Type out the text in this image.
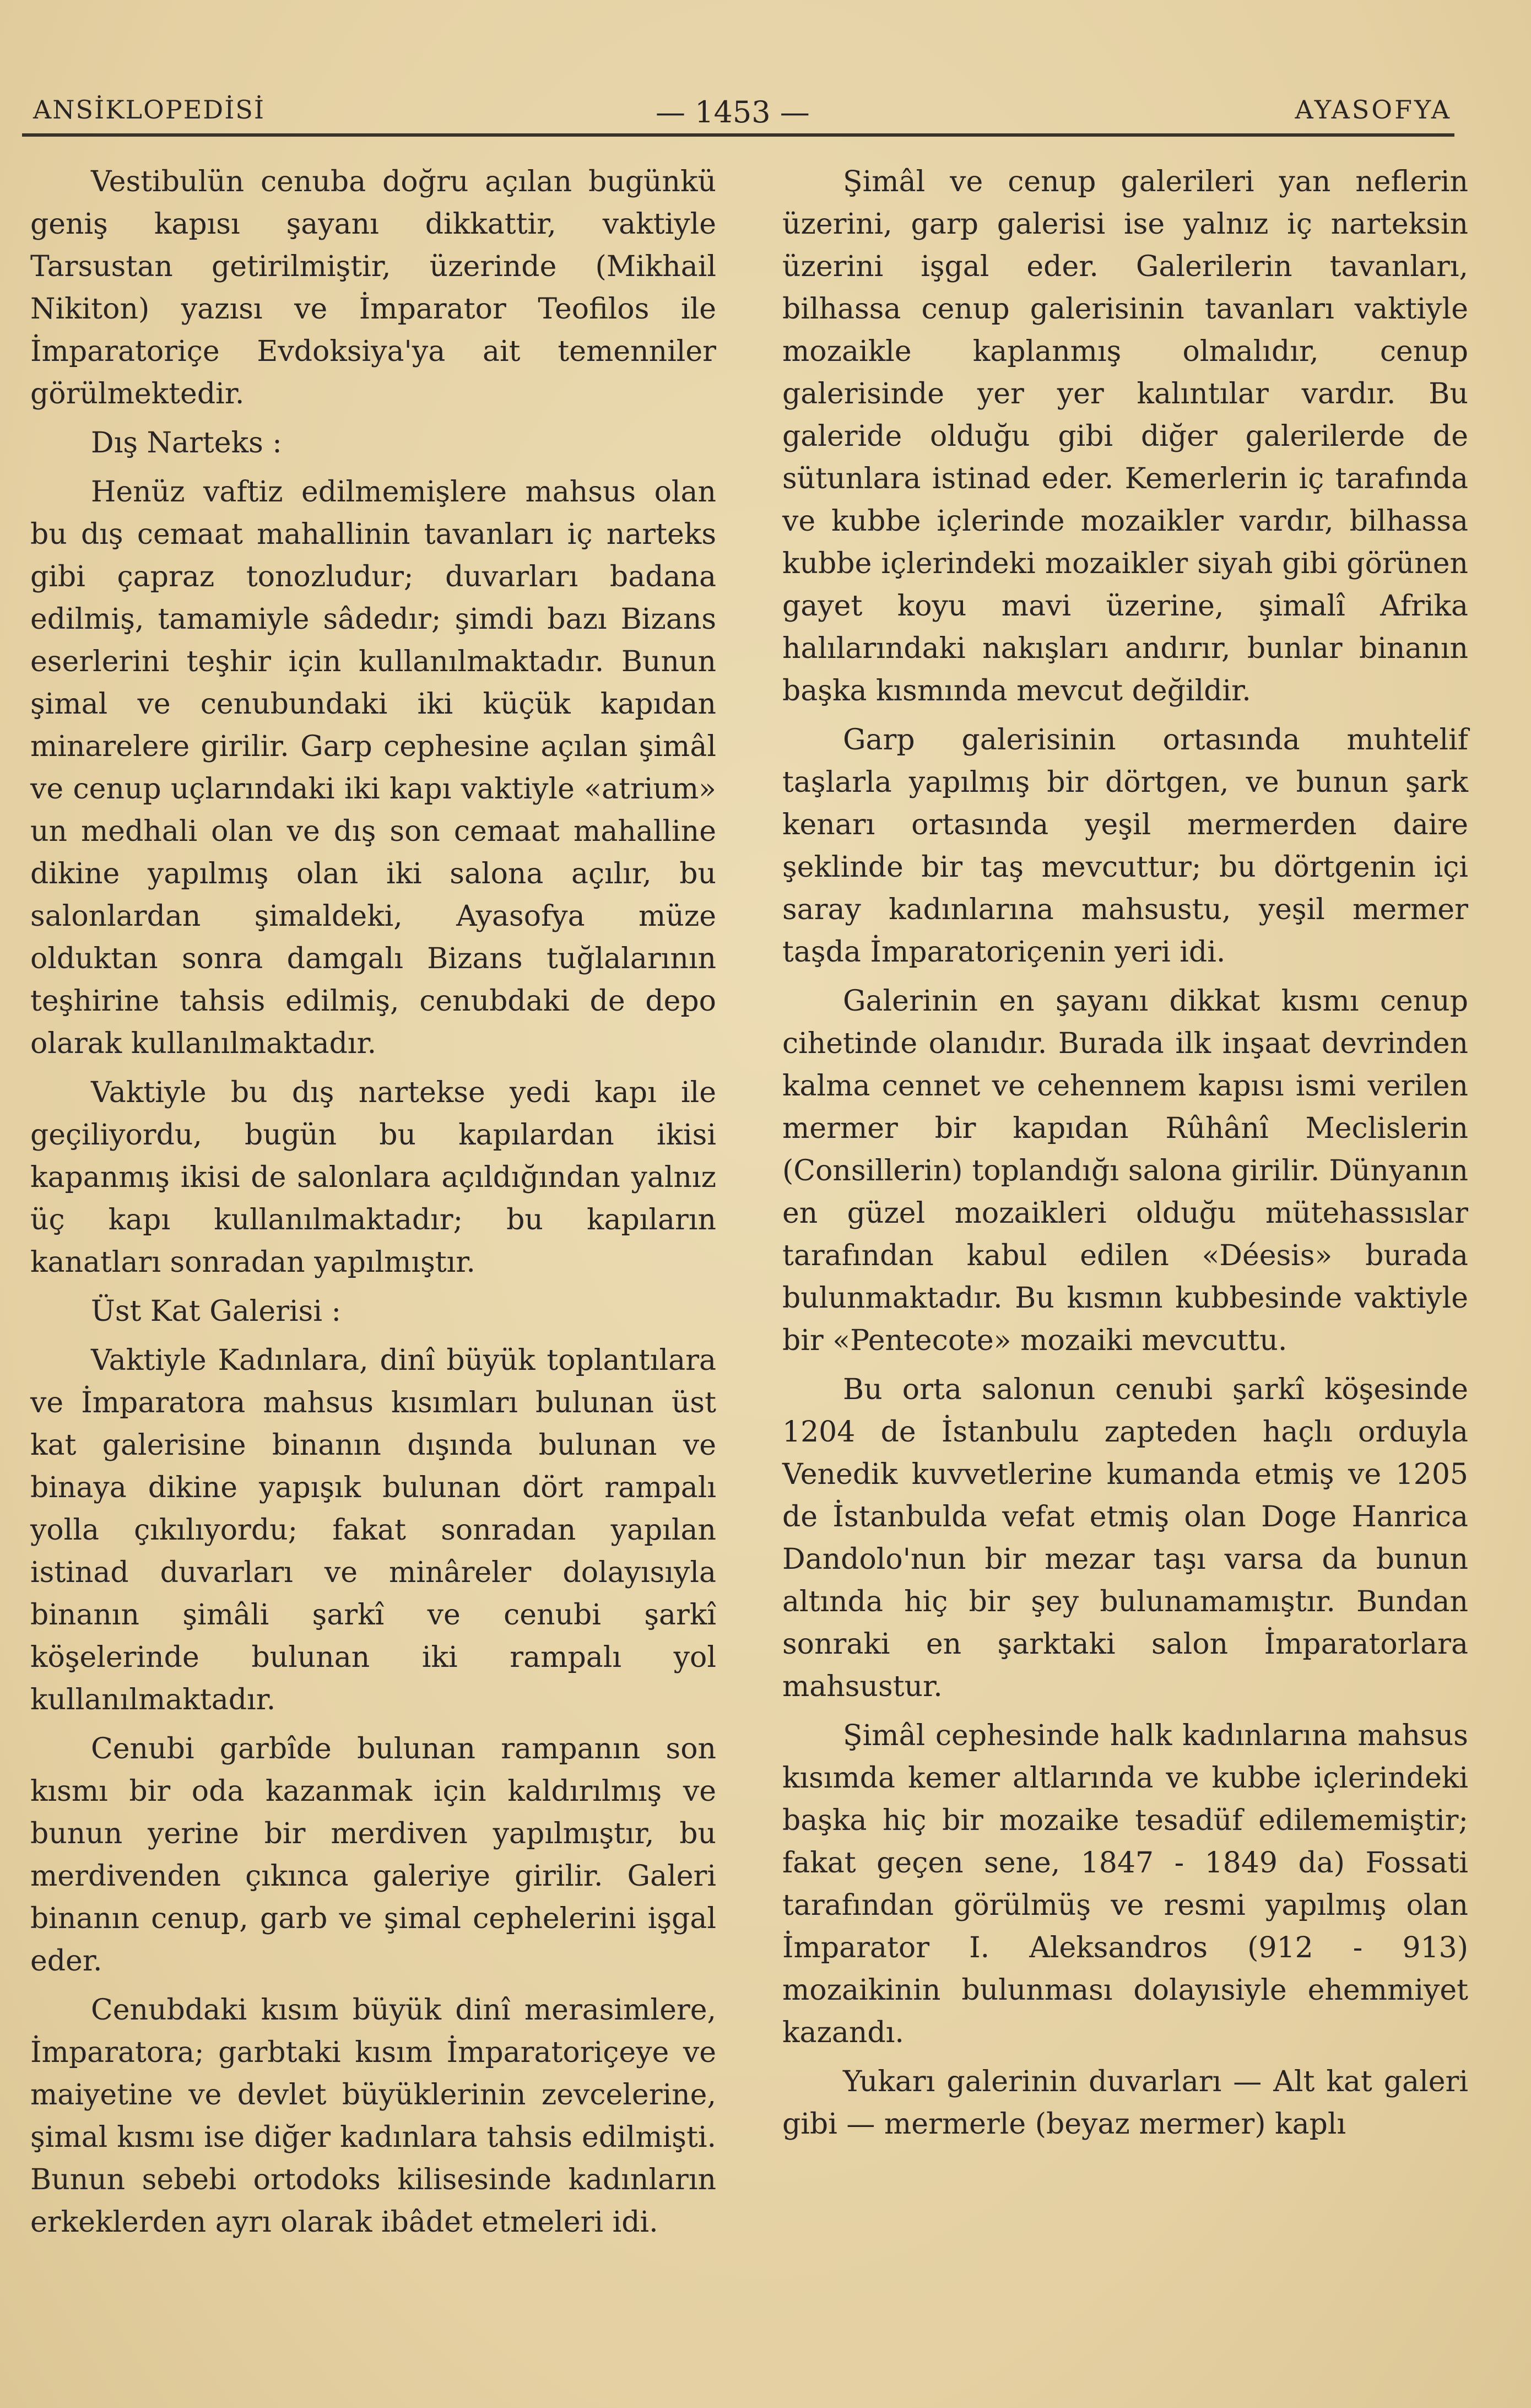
ANSİKLOPEDİSİ	— 1453 —	AYASOFYA

Vestibulün cenuba doğru açılan bugünkü geniş kapısı şayanı dikkattir, vaktiyle Tarsustan getirilmiştir, üzerinde (Mikhail Nikiton) yazısı ve İmparator Teofilos ile İmparatoriçe Evdoksiya'ya ait temenniler görülmektedir.

Dış Narteks :

Henüz vaftiz edilmemişlere mahsus olan bu dış cemaat mahallinin tavanları iç narteks gibi çapraz tonozludur; duvarları badana edilmiş, tamamiyle sâdedır; şimdi bazı Bizans eserlerini teşhir için kullanılmaktadır. Bunun şimal ve cenubundaki iki küçük kapıdan minarelere girilir. Garp cephesine açılan şimâl ve cenup uçlarındaki iki kapı vaktiyle «atrium» un medhali olan ve dış son cemaat mahalline dikine yapılmış olan iki salona açılır, bu salonlardan şimaldeki, Ayasofya müze olduktan sonra damgalı Bizans tuğlalarının teşhirine tahsis edilmiş, cenubdaki de depo olarak kullanılmaktadır.

Vaktiyle bu dış nartekse yedi kapı ile geçiliyordu, bugün bu kapılardan ikisi kapanmış ikisi de salonlara açıldığından yalnız üç kapı kullanılmaktadır; bu kapıların kanatları sonradan yapılmıştır.

Üst Kat Galerisi :

Vaktiyle Kadınlara, dinî büyük toplantılara ve İmparatora mahsus kısımları bulunan üst kat galerisine binanın dışında bulunan ve binaya dikine yapışık bulunan dört rampalı yolla çıkılıyordu; fakat sonradan yapılan istinad duvarları ve minâreler dolayısıyla binanın şimâli şarkî ve cenubi şarkî köşelerinde bulunan iki rampalı yol kullanılmaktadır.

Cenubi garbîde bulunan rampanın son kısmı bir oda kazanmak için kaldırılmış ve bunun yerine bir merdiven yapılmıştır, bu merdivenden çıkınca galeriye girilir. Galeri binanın cenup, garb ve şimal cephelerini işgal eder.

Cenubdaki kısım büyük dinî merasimlere, İmparatora; garbtaki kısım İmparatoriçeye ve maiyetine ve devlet büyüklerinin zevcelerine, şimal kısmı ise diğer kadınlara tahsis edilmişti. Bunun sebebi ortodoks kilisesinde kadınların erkeklerden ayrı olarak ibâdet etmeleri idi.

Şimâl ve cenup galerileri yan neflerin üzerini, garp galerisi ise yalnız iç narteksin üzerini işgal eder. Galerilerin tavanları, bilhassa cenup galerisinin tavanları vaktiyle mozaikle kaplanmış olmalıdır, cenup galerisinde yer yer kalıntılar vardır. Bu galeride olduğu gibi diğer galerilerde de sütunlara istinad eder. Kemerlerin iç tarafında ve kubbe içlerinde mozaikler vardır, bilhassa kubbe içlerindeki mozaikler siyah gibi görünen gayet koyu mavi üzerine, şimalî Afrika halılarındaki nakışları andırır, bunlar binanın başka kısmında mevcut değildir.

Garp galerisinin ortasında muhtelif taşlarla yapılmış bir dörtgen, ve bunun şark kenarı ortasında yeşil mermerden daire şeklinde bir taş mevcuttur; bu dörtgenin içi saray kadınlarına mahsustu, yeşil mermer taşda İmparatoriçenin yeri idi.

Galerinin en şayanı dikkat kısmı cenup cihetinde olanıdır. Burada ilk inşaat devrinden kalma cennet ve cehennem kapısı ismi verilen mermer bir kapıdan Rûhânî Meclislerin (Consillerin) toplandığı salona girilir. Dünyanın en güzel mozaikleri olduğu mütehassıslar tarafından kabul edilen «Déesis» burada bulunmaktadır. Bu kısmın kubbesinde vaktiyle bir «Pentecote» mozaiki mevcuttu.

Bu orta salonun cenubi şarkî köşesinde 1204 de İstanbulu zapteden haçlı orduyla Venedik kuvvetlerine kumanda etmiş ve 1205 de İstanbulda vefat etmiş olan Doge Hanrica Dandolo'nun bir mezar taşı varsa da bunun altında hiç bir şey bulunamamıştır. Bundan sonraki en şarktaki salon İmparatorlara mahsustur.

Şimâl cephesinde halk kadınlarına mahsus kısımda kemer altlarında ve kubbe içlerindeki başka hiç bir mozaike tesadüf edilememiştir; fakat geçen sene, 1847 - 1849 da) Fossati tarafından görülmüş ve resmi yapılmış olan İmparator I. Aleksandros (912 - 913) mozaikinin bulunması dolayısiyle ehemmiyet kazandı.

Yukarı galerinin duvarları — Alt kat galeri gibi — mermerle (beyaz mermer) kaplı
